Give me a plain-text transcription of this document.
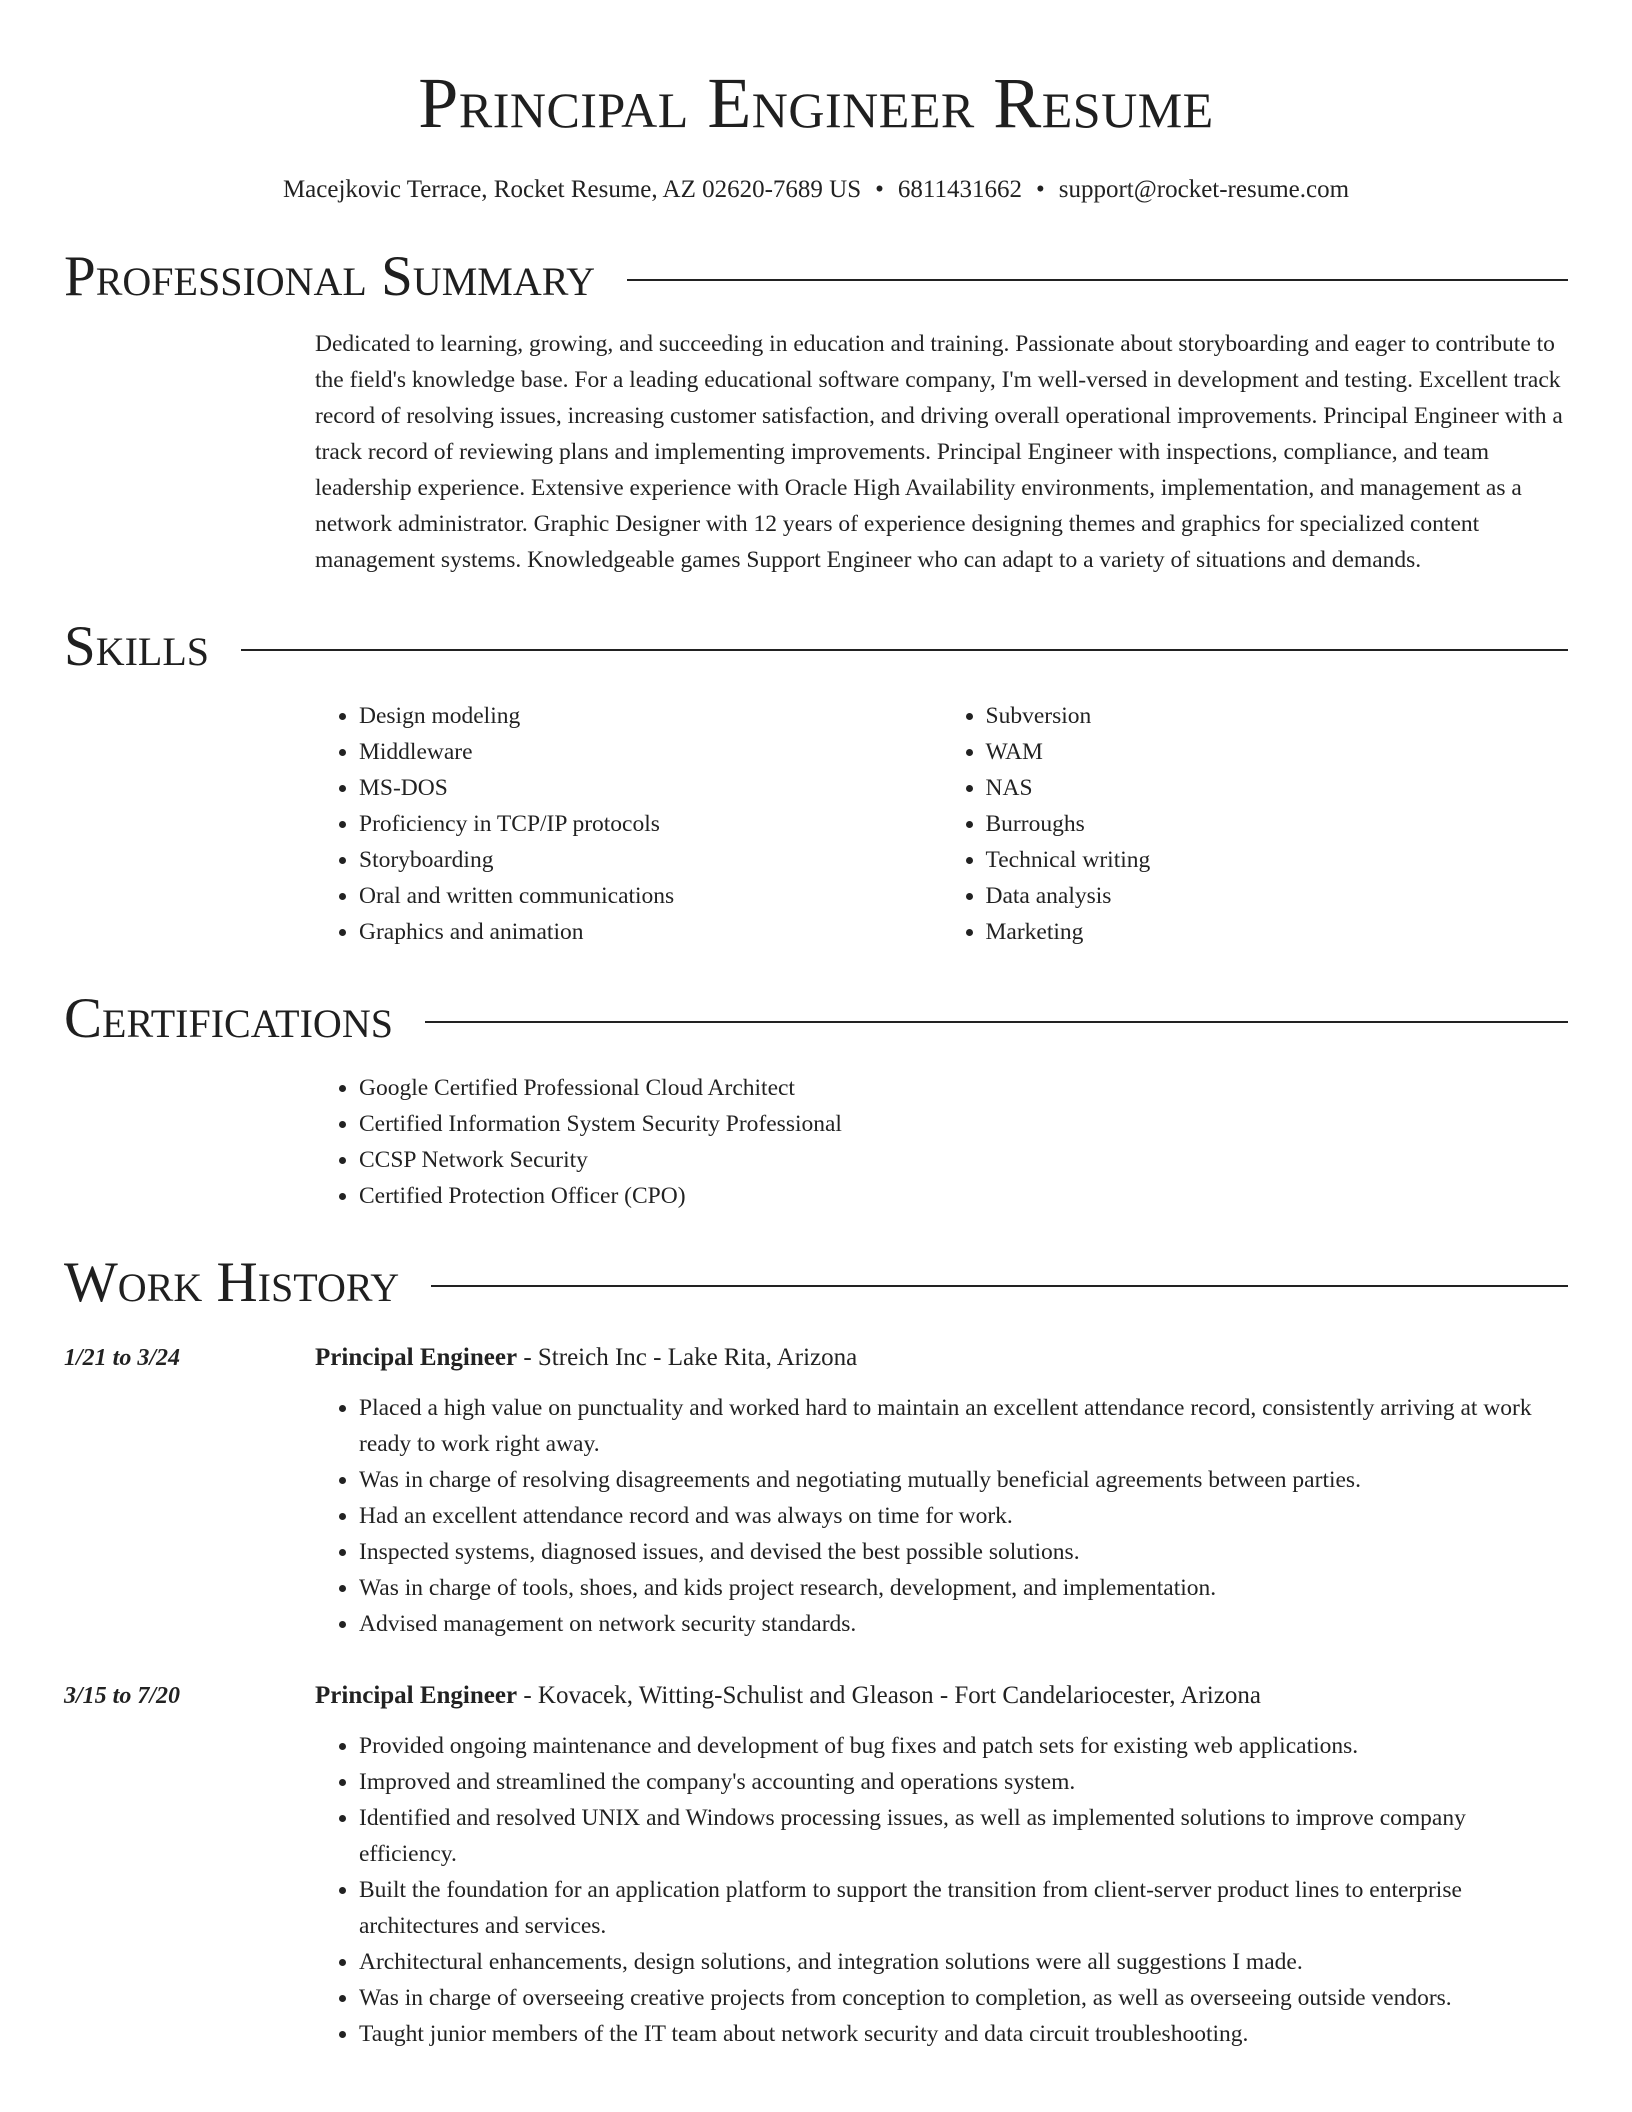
Principal Engineer Resume
Macejkovic Terrace, Rocket Resume, AZ 02620-7689 US • 6811431662 • support@rocket-resume.com
Professional Summary
Dedicated to learning, growing, and succeeding in education and training. Passionate about storyboarding and eager to contribute to the field's knowledge base. For a leading educational software company, I'm well-versed in development and testing. Excellent track record of resolving issues, increasing customer satisfaction, and driving overall operational improvements. Principal Engineer with a track record of reviewing plans and implementing improvements. Principal Engineer with inspections, compliance, and team leadership experience. Extensive experience with Oracle High Availability environments, implementation, and management as a network administrator. Graphic Designer with 12 years of experience designing themes and graphics for specialized content management systems. Knowledgeable games Support Engineer who can adapt to a variety of situations and demands.
Skills
• Design modeling
• Middleware
• MS-DOS
• Proficiency in TCP/IP protocols
• Storyboarding
• Oral and written communications
• Graphics and animation
• Subversion
• WAM
• NAS
• Burroughs
• Technical writing
• Data analysis
• Marketing
Certifications
• Google Certified Professional Cloud Architect
• Certified Information System Security Professional
• CCSP Network Security
• Certified Protection Officer (CPO)
Work History
1/21 to 3/24	Principal Engineer - Streich Inc - Lake Rita, Arizona
• Placed a high value on punctuality and worked hard to maintain an excellent attendance record, consistently arriving at work ready to work right away.
• Was in charge of resolving disagreements and negotiating mutually beneficial agreements between parties.
• Had an excellent attendance record and was always on time for work.
• Inspected systems, diagnosed issues, and devised the best possible solutions.
• Was in charge of tools, shoes, and kids project research, development, and implementation.
• Advised management on network security standards.
3/15 to 7/20	Principal Engineer - Kovacek, Witting-Schulist and Gleason - Fort Candelariocester, Arizona
• Provided ongoing maintenance and development of bug fixes and patch sets for existing web applications.
• Improved and streamlined the company's accounting and operations system.
• Identified and resolved UNIX and Windows processing issues, as well as implemented solutions to improve company efficiency.
• Built the foundation for an application platform to support the transition from client-server product lines to enterprise architectures and services.
• Architectural enhancements, design solutions, and integration solutions were all suggestions I made.
• Was in charge of overseeing creative projects from conception to completion, as well as overseeing outside vendors.
• Taught junior members of the IT team about network security and data circuit troubleshooting.
